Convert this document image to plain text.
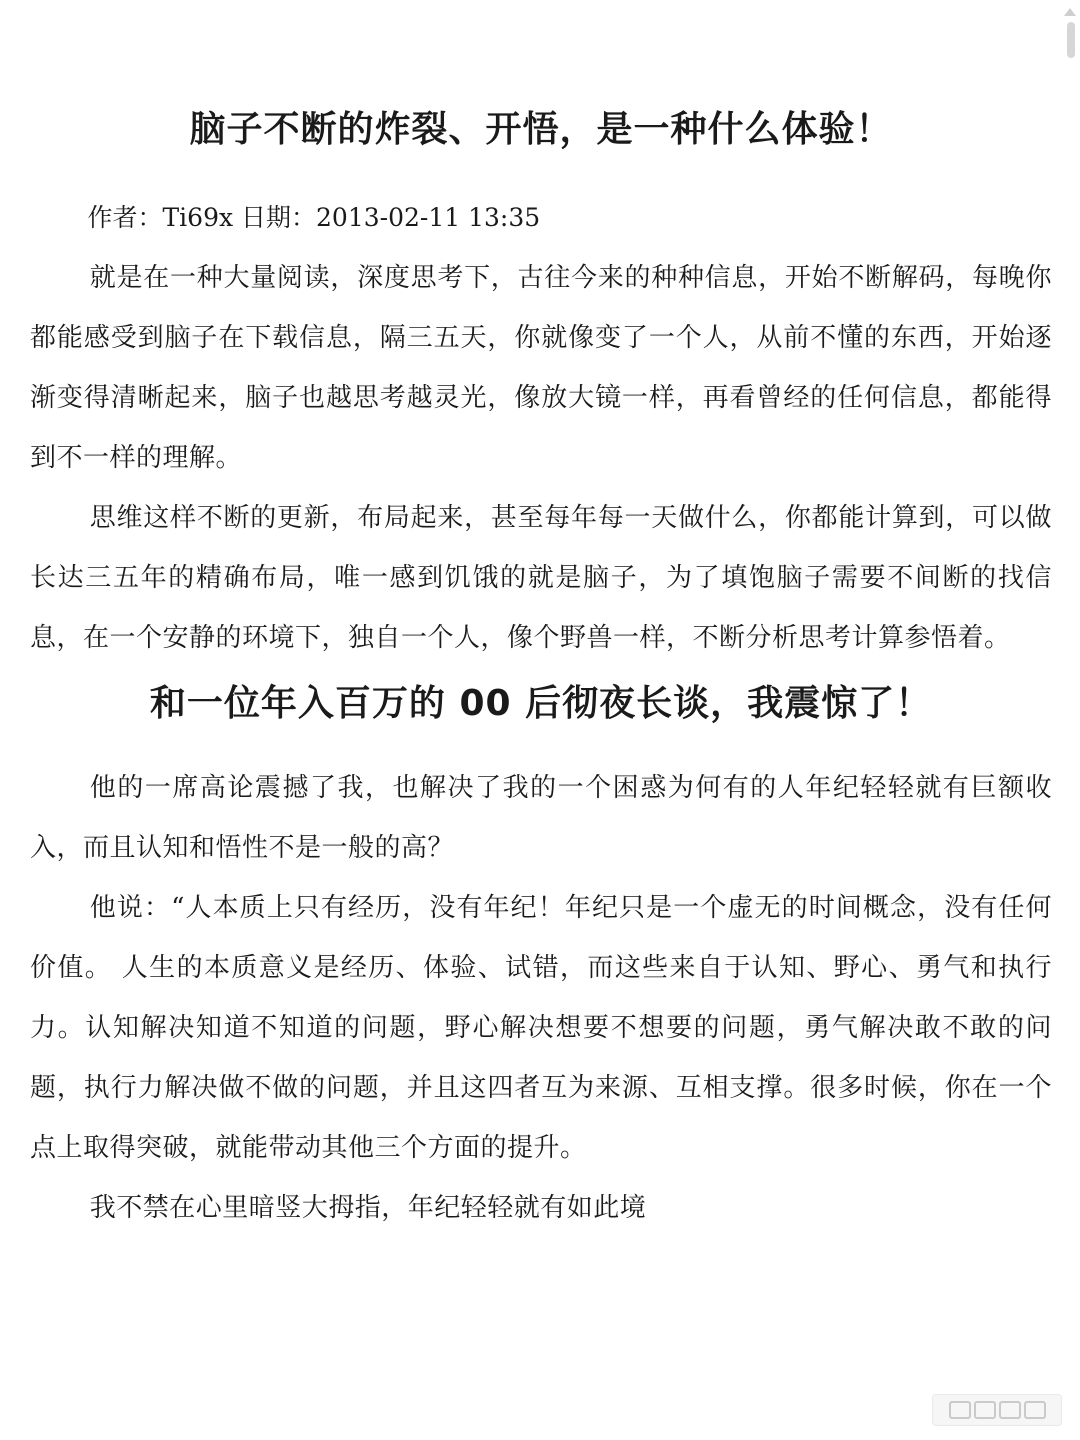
脑子不断的炸裂、开悟，是一种什么体验！

作者：Ti69x 日期：2013-02-11 13:35

就是在一种大量阅读，深度思考下，古往今来的种种信息，开始不断解码，每晚你都能感受到脑子在下载信息，隔三五天，你就像变了一个人，从前不懂的东西，开始逐渐变得清晰起来，脑子也越思考越灵光，像放大镜一样，再看曾经的任何信息，都能得到不一样的理解。

思维这样不断的更新，布局起来，甚至每年每一天做什么，你都能计算到，可以做长达三五年的精确布局，唯一感到饥饿的就是脑子，为了填饱脑子需要不间断的找信息，在一个安静的环境下，独自一个人，像个野兽一样，不断分析思考计算参悟着。

和一位年入百万的 00 后彻夜长谈，我震惊了！

他的一席高论震撼了我，也解决了我的一个困惑为何有的人年纪轻轻就有巨额收入，而且认知和悟性不是一般的高？

他说：“人本质上只有经历，没有年纪！年纪只是一个虚无的时间概念，没有任何价值。 人生的本质意义是经历、体验、试错，而这些来自于认知、野心、勇气和执行力。认知解决知道不知道的问题，野心解决想要不想要的问题，勇气解决敢不敢的问题，执行力解决做不做的问题，并且这四者互为来源、互相支撑。很多时候，你在一个点上取得突破，就能带动其他三个方面的提升。

我不禁在心里暗竖大拇指，年纪轻轻就有如此境
